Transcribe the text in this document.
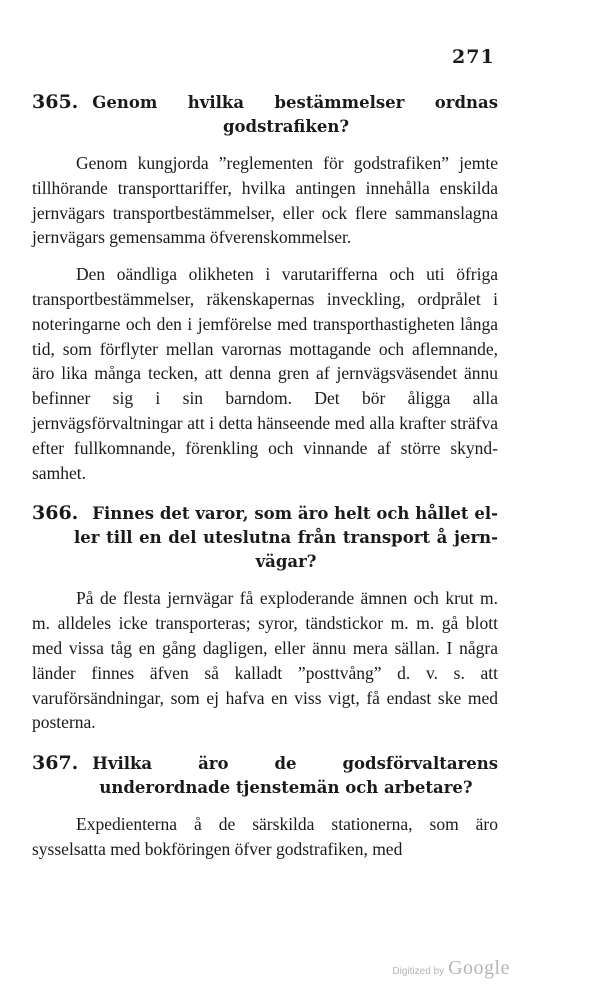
271
365. Genom hvilka bestämmelser ordnas godstrafiken?

Genom kungjorda ”reglementen för godstrafiken” jemte tillhörande transporttariffer, hvilka antingen innehålla enskilda jernvägars transportbestämmelser, eller ock flere sammanslagna jernvägars gemensamma öfverenskommelser.

Den oändliga olikheten i varutarifferna och uti öfriga transportbestämmelser, räkenskapernas inveckling, ordprålet i noteringarne och den i jemförelse med transporthastigheten långa tid, som förflyter mellan varornas mottagande och aflemnande, äro lika många tecken, att denna gren af jernvägsväsendet ännu befinner sig i sin barndom. Det bör åligga alla jernvägsförvaltningar att i detta hänseende med alla krafter sträfva efter fullkomnande, förenkling och vinnande af större skyndsamhet.

366. Finnes det varor, som äro helt och hållet eller till en del uteslutna från transport å jernvägar?

På de flesta jernvägar få exploderande ämnen och krut m. m. alldeles icke transporteras; syror, tändstickor m. m. gå blott med vissa tåg en gång dagligen, eller ännu mera sällan. I några länder finnes äfven så kalladt ”posttvång” d. v. s. att varuförsändningar, som ej hafva en viss vigt, få endast ske med posterna.

367. Hvilka äro de godsförvaltarens underordnade tjenstemän och arbetare?

Expedienterna å de särskilda stationerna, som äro sysselsatta med bokföringen öfver godstrafiken, med

Digitized by Google
